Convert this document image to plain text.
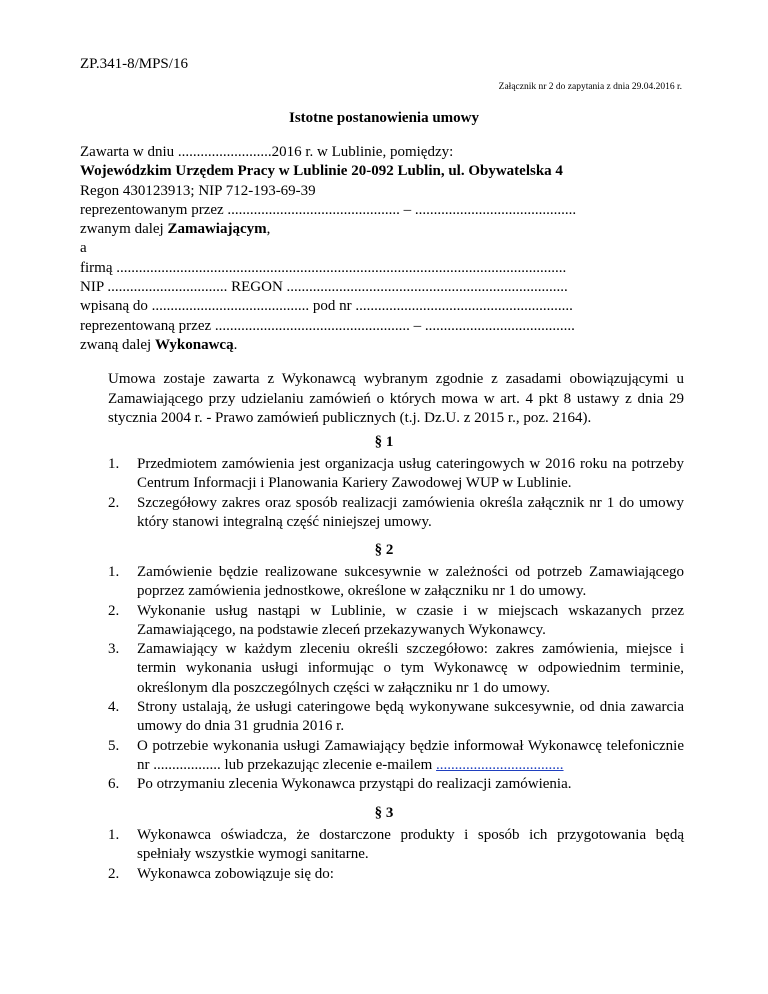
ZP.341-8/MPS/16
Załącznik nr 2 do zapytania z dnia 29.04.2016 r.
Istotne postanowienia umowy
Zawarta w dniu .........................2016 r. w Lublinie, pomiędzy:
Wojewódzkim Urzędem Pracy w Lublinie 20-092 Lublin, ul. Obywatelska 4
Regon 430123913; NIP 712-193-69-39
reprezentowanym przez .............................................. – ...........................................
zwanym dalej Zamawiającym,
a
firmą ........................................................................................................................
NIP ................................ REGON ...........................................................................
wpisaną do .......................................... pod nr ..........................................................
reprezentowaną przez .................................................... – ........................................
zwaną dalej Wykonawcą.
Umowa zostaje zawarta z Wykonawcą wybranym zgodnie z zasadami obowiązującymi u Zamawiającego przy udzielaniu zamówień o których mowa w art. 4 pkt 8 ustawy z dnia 29 stycznia 2004 r. - Prawo zamówień publicznych (t.j. Dz.U. z 2015 r., poz. 2164).
§ 1
1. Przedmiotem zamówienia jest organizacja usług cateringowych w 2016 roku na potrzeby Centrum Informacji i Planowania Kariery Zawodowej WUP w Lublinie.
2. Szczegółowy zakres oraz sposób realizacji zamówienia określa załącznik nr 1 do umowy który stanowi integralną część niniejszej umowy.
§ 2
1. Zamówienie będzie realizowane sukcesywnie w zależności od potrzeb Zamawiającego poprzez zamówienia jednostkowe, określone w załączniku nr 1 do umowy.
2. Wykonanie usług nastąpi w Lublinie, w czasie i w miejscach wskazanych przez Zamawiającego, na podstawie zleceń przekazywanych Wykonawcy.
3. Zamawiający w każdym zleceniu określi szczegółowo: zakres zamówienia, miejsce i termin wykonania usługi informując o tym Wykonawcę w odpowiednim terminie, określonym dla poszczególnych części w załączniku nr 1 do umowy.
4. Strony ustalają, że usługi cateringowe będą wykonywane sukcesywnie, od dnia zawarcia umowy do dnia 31 grudnia 2016 r.
5. O potrzebie wykonania usługi Zamawiający będzie informował Wykonawcę telefonicznie nr .................. lub przekazując zlecenie e-mailem ..................................
6. Po otrzymaniu zlecenia Wykonawca przystąpi do realizacji zamówienia.
§ 3
1. Wykonawca oświadcza, że dostarczone produkty i sposób ich przygotowania będą spełniały wszystkie wymogi sanitarne.
2. Wykonawca zobowiązuje się do:
